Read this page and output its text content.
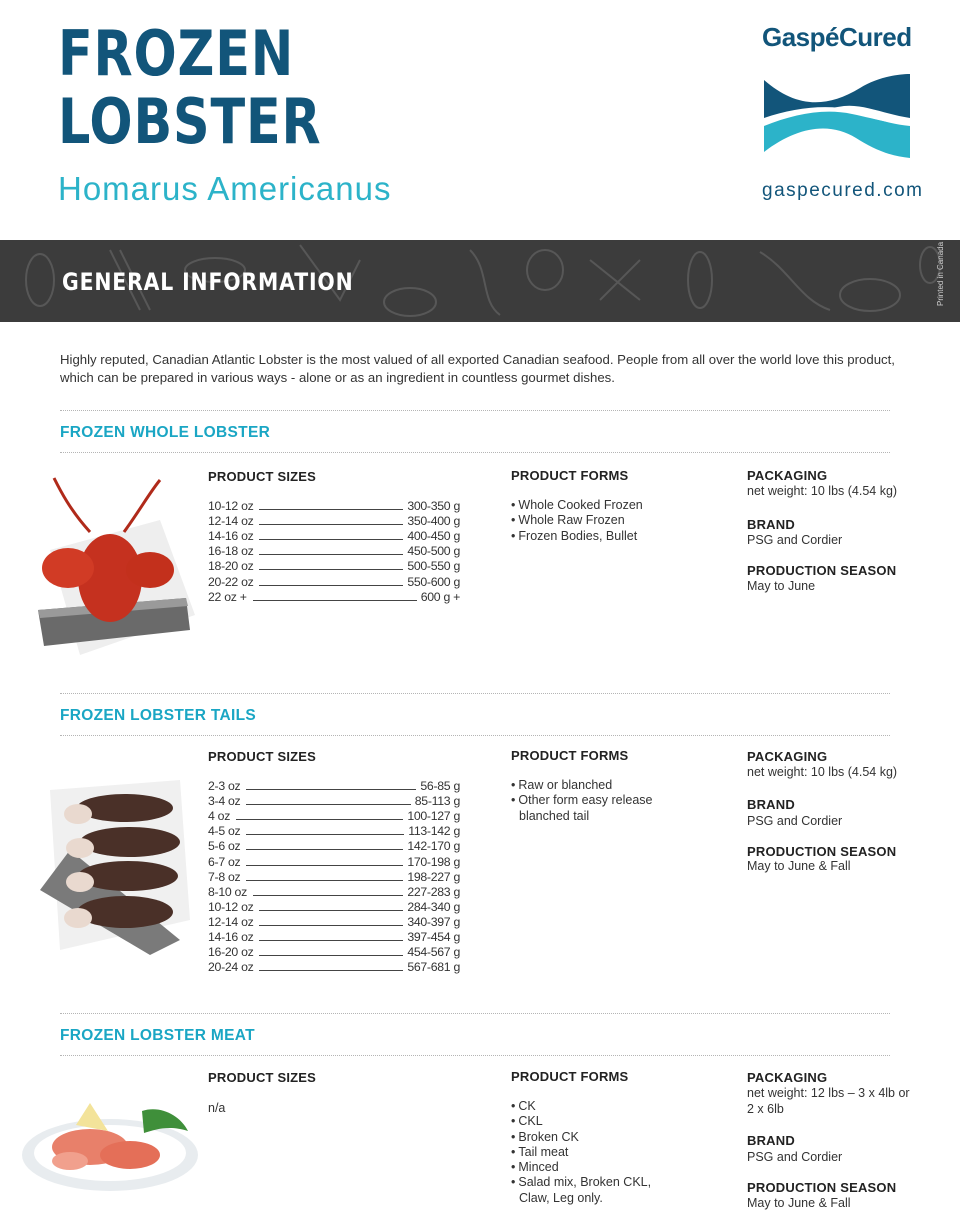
FROZEN
LOBSTER
Homarus Americanus
GaspéCured
gaspecured.com
GENERAL INFORMATION	Printed in Canada
Highly reputed, Canadian Atlantic Lobster is the most valued of all exported Canadian seafood. People from all over the world love this product, which can be prepared in various ways - alone or as an ingredient in countless gourmet dishes.
FROZEN WHOLE LOBSTER
PRODUCT SIZES
10-12 oz	300-350 g
12-14 oz	350-400 g
14-16 oz	400-450 g
16-18 oz	450-500 g
18-20 oz	500-550 g
20-22 oz	550-600 g
22 oz +	600 g +
PRODUCT FORMS
• Whole Cooked Frozen
• Whole Raw Frozen
• Frozen Bodies, Bullet
PACKAGING
net weight: 10 lbs (4.54 kg)
BRAND
PSG and Cordier
PRODUCTION SEASON
May to June
FROZEN LOBSTER TAILS
PRODUCT SIZES
2-3 oz	56-85 g
3-4 oz	85-113 g
4 oz	100-127 g
4-5 oz	113-142 g
5-6 oz	142-170 g
6-7 oz	170-198 g
7-8 oz	198-227 g
8-10 oz	227-283 g
10-12 oz	284-340 g
12-14 oz	340-397 g
14-16 oz	397-454 g
16-20 oz	454-567 g
20-24 oz	567-681 g
PRODUCT FORMS
• Raw or blanched
• Other form easy release blanched tail
PACKAGING
net weight: 10 lbs (4.54 kg)
BRAND
PSG and Cordier
PRODUCTION SEASON
May to June & Fall
FROZEN LOBSTER MEAT
PRODUCT SIZES
n/a
PRODUCT FORMS
• CK
• CKL
• Broken CK
• Tail meat
• Minced
• Salad mix, Broken CKL, Claw, Leg only.
PACKAGING
net weight: 12 lbs – 3 x 4lb or 2 x 6lb
BRAND
PSG and Cordier
PRODUCTION SEASON
May to June & Fall
